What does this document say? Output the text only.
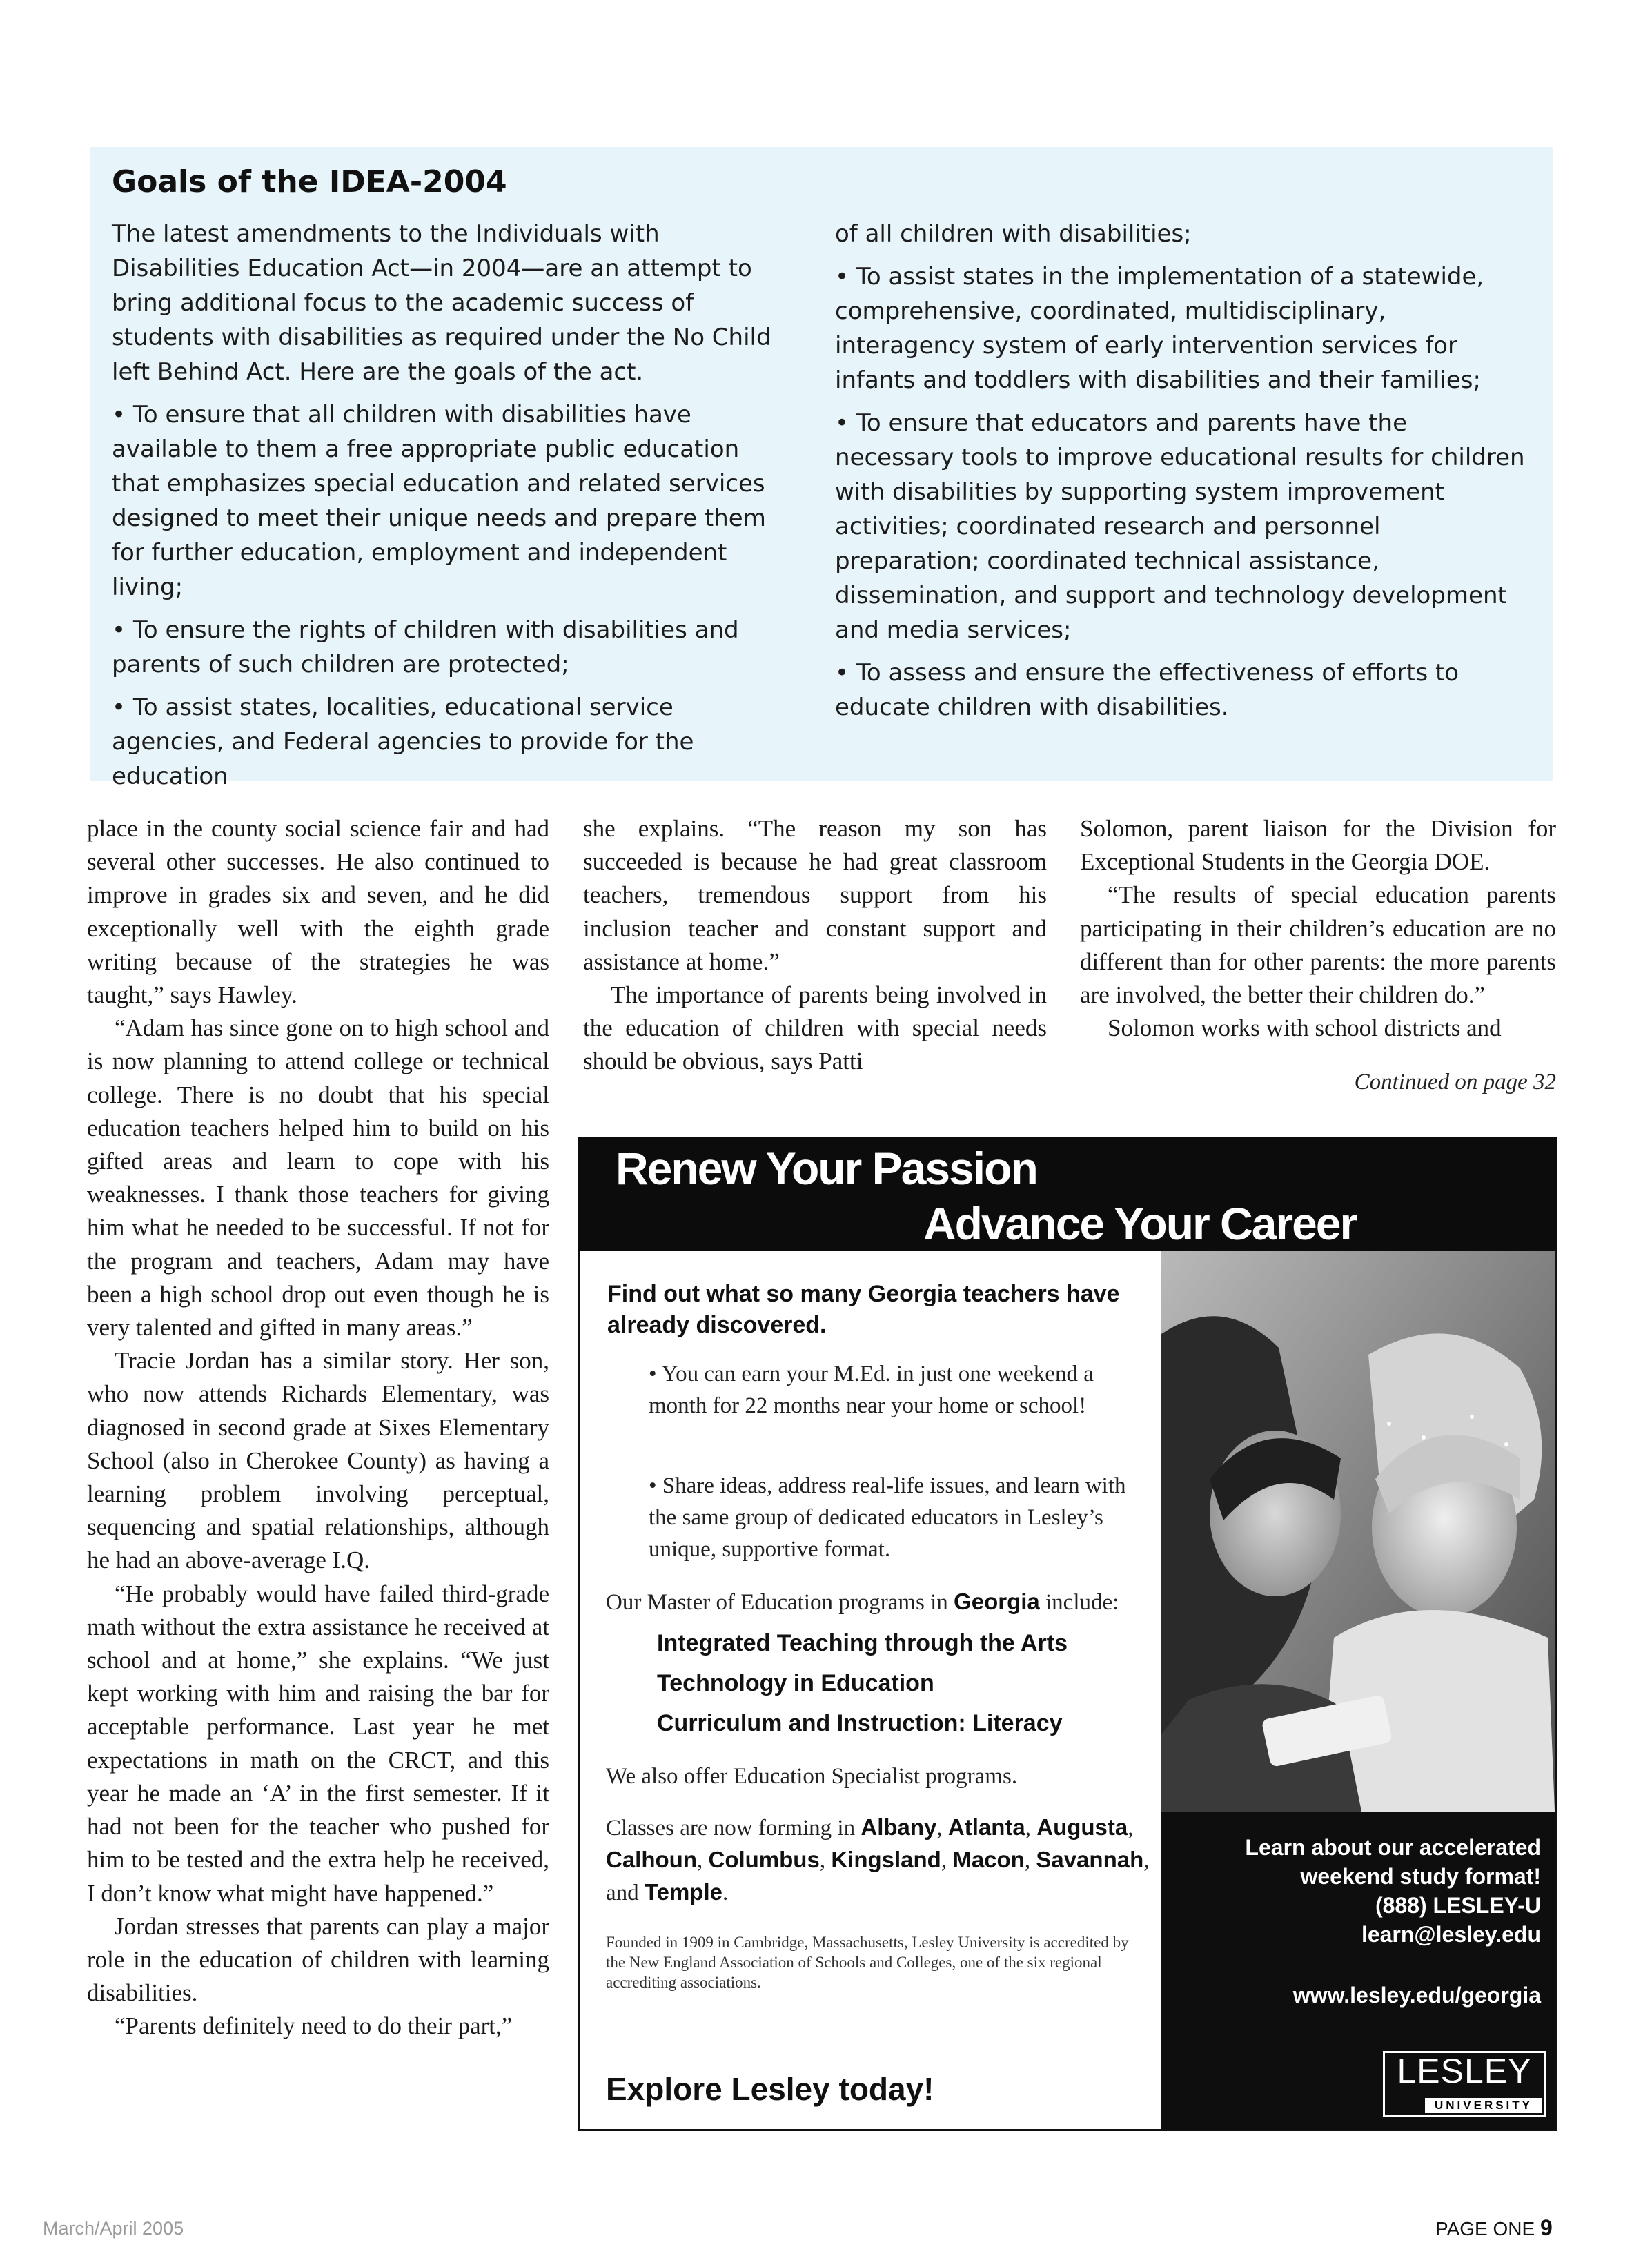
Goals of the IDEA-2004

The latest amendments to the Individuals with Disabilities Education Act—in 2004—are an attempt to bring additional focus to the academic success of students with disabilities as required under the No Child left Behind Act. Here are the goals of the act.

• To ensure that all children with disabilities have available to them a free appropriate public education that emphasizes special education and related services designed to meet their unique needs and prepare them for further education, employment and independent living;

• To ensure the rights of children with disabilities and parents of such children are protected;

• To assist states, localities, educational service agencies, and Federal agencies to provide for the education

of all children with disabilities;

• To assist states in the implementation of a statewide, comprehensive, coordinated, multidisciplinary, interagency system of early intervention services for infants and toddlers with disabilities and their families;

• To ensure that educators and parents have the necessary tools to improve educational results for children with disabilities by supporting system improvement activities; coordinated research and personnel preparation; coordinated technical assistance, dissemination, and support and technology development and media services;

• To assess and ensure the effectiveness of efforts to educate children with disabilities.

place in the county social science fair and had several other successes. He also continued to improve in grades six and seven, and he did exceptionally well with the eighth grade writing because of the strategies he was taught,” says Hawley.

“Adam has since gone on to high school and is now planning to attend college or technical college. There is no doubt that his special education teachers helped him to build on his gifted areas and learn to cope with his weaknesses. I thank those teachers for giving him what he needed to be successful. If not for the program and teachers, Adam may have been a high school drop out even though he is very talented and gifted in many areas.”

Tracie Jordan has a similar story. Her son, who now attends Richards Elementary, was diagnosed in second grade at Sixes Elementary School (also in Cherokee County) as having a learning problem involving perceptual, sequencing and spatial relationships, although he had an above-average I.Q.

“He probably would have failed third-grade math without the extra assistance he received at school and at home,” she explains. “We just kept working with him and raising the bar for acceptable performance. Last year he met expectations in math on the CRCT, and this year he made an ‘A’ in the first semester. If it had not been for the teacher who pushed for him to be tested and the extra help he received, I don’t know what might have happened.”

Jordan stresses that parents can play a major role in the education of children with learning disabilities.

“Parents definitely need to do their part,”

she explains. “The reason my son has succeeded is because he had great classroom teachers, tremendous support from his inclusion teacher and constant support and assistance at home.”

The importance of parents being involved in the education of children with special needs should be obvious, says Patti

Solomon, parent liaison for the Division for Exceptional Students in the Georgia DOE.

“The results of special education parents participating in their children’s education are no different than for other parents: the more parents are involved, the better their children do.”

Solomon works with school districts and

Continued on page 32
Renew Your Passion
Advance Your Career
Find out what so many Georgia teachers have already discovered.
• You can earn your M.Ed. in just one weekend a month for 22 months near your home or school!
• Share ideas, address real-life issues, and learn with the same group of dedicated educators in Lesley’s unique, supportive format.
Our Master of Education programs in Georgia include:
Integrated Teaching through the Arts
Technology in Education
Curriculum and Instruction: Literacy
We also offer Education Specialist programs.
Classes are now forming in Albany, Atlanta, Augusta, Calhoun, Columbus, Kingsland, Macon, Savannah, and Temple.
Founded in 1909 in Cambridge, Massachusetts, Lesley University is accredited by the New England Association of Schools and Colleges, one of the six regional accrediting associations.
Explore Lesley today!
Learn about our accelerated weekend study format!
(888) LESLEY-U
learn@lesley.edu
www.lesley.edu/georgia
LESLEY
UNIVERSITY
March/April 2005	PAGE ONE 9
